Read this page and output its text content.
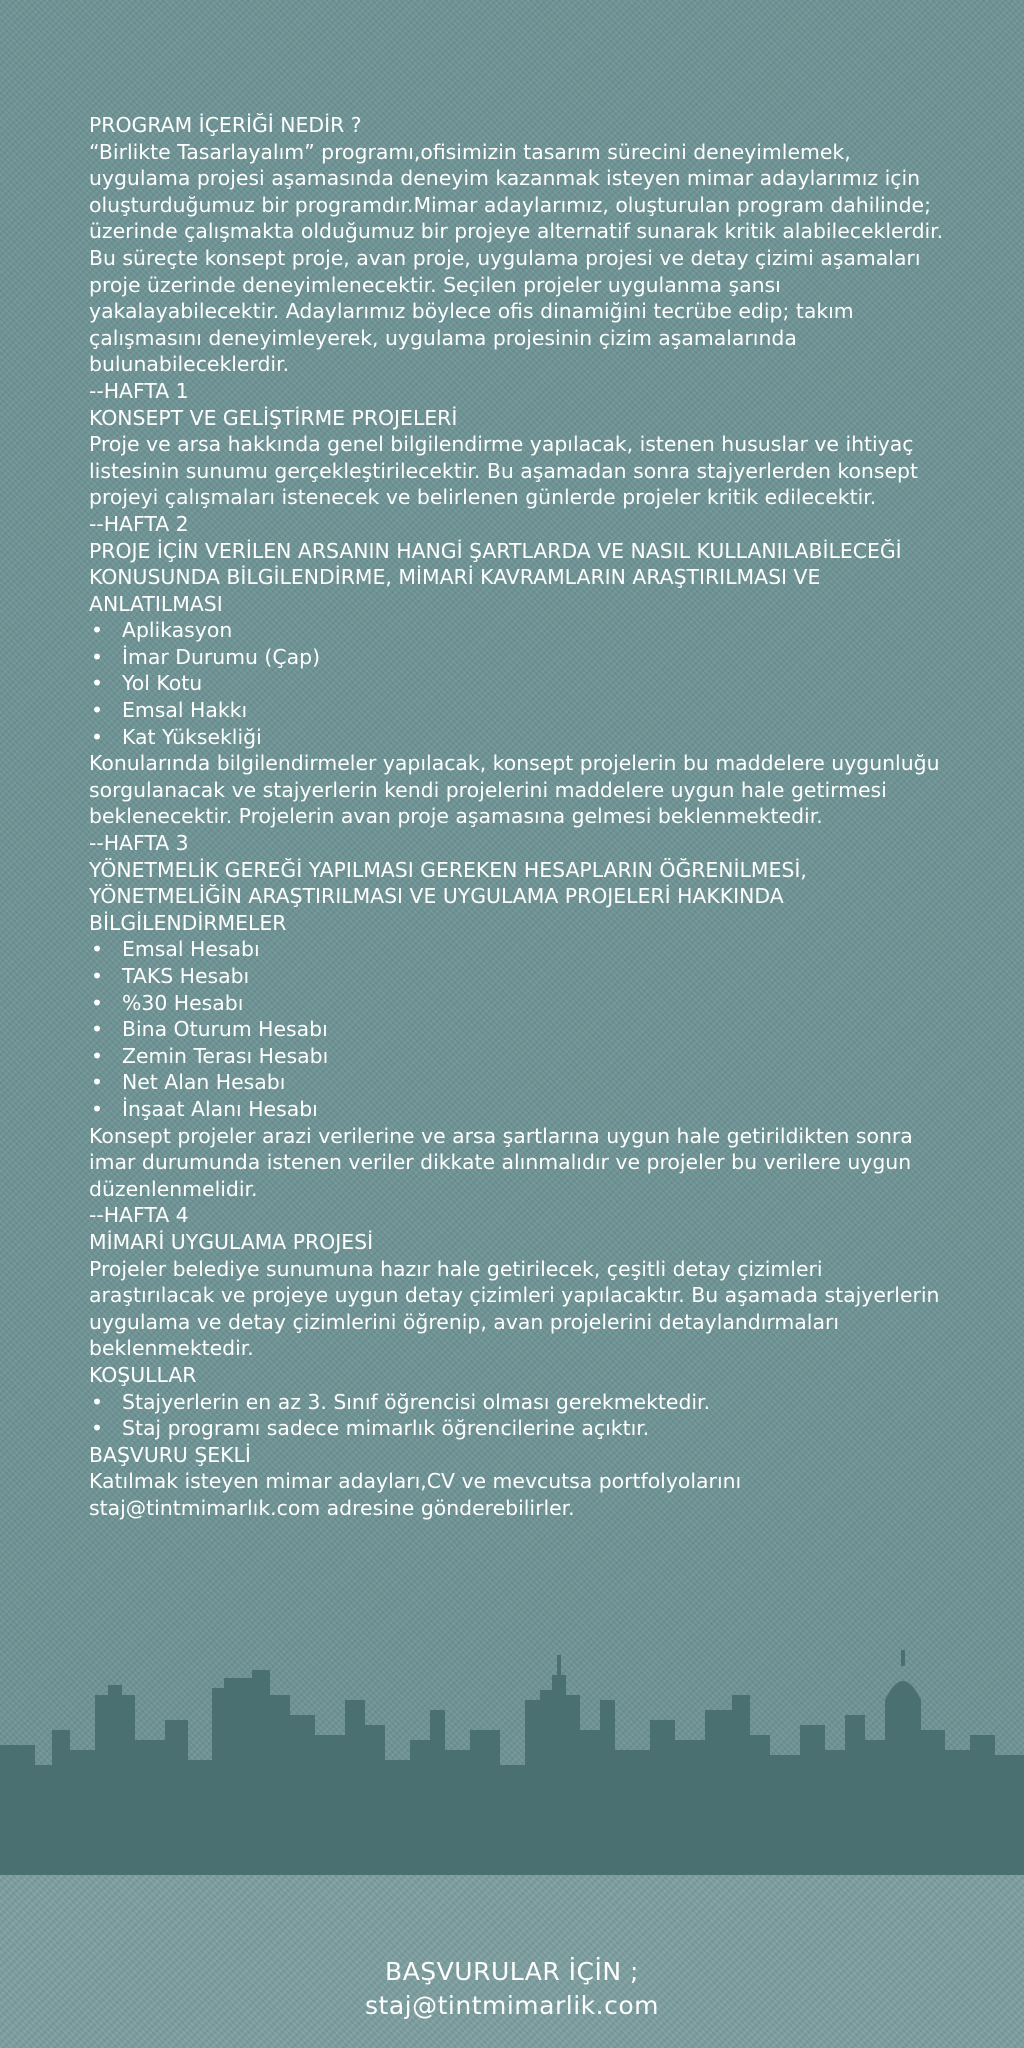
PROGRAM İÇERİĞİ NEDİR ?

“Birlikte Tasarlayalım” programı,ofisimizin tasarım sürecini deneyimlemek, uygulama projesi aşamasında deneyim kazanmak isteyen mimar adaylarımız için oluşturduğumuz bir programdır.Mimar adaylarımız, oluşturulan program dahilinde; üzerinde çalışmakta olduğumuz bir projeye alternatif sunarak kritik alabileceklerdir. Bu süreçte konsept proje, avan proje, uygulama projesi ve detay çizimi aşamaları proje üzerinde deneyimlenecektir. Seçilen projeler uygulanma şansı yakalayabilecektir. Adaylarımız böylece ofis dinamiğini tecrübe edip; takım çalışmasını deneyimleyerek, uygulama projesinin çizim aşamalarında bulunabileceklerdir.

--HAFTA 1

KONSEPT VE GELİŞTİRME PROJELERİ

Proje ve arsa hakkında genel bilgilendirme yapılacak, istenen hususlar ve ihtiyaç listesinin sunumu gerçekleştirilecektir. Bu aşamadan sonra stajyerlerden konsept projeyi çalışmaları istenecek ve belirlenen günlerde projeler kritik edilecektir.

--HAFTA 2

PROJE İÇİN VERİLEN ARSANIN HANGİ ŞARTLARDA VE NASIL KULLANILABİLECEĞİ KONUSUNDA BİLGİLENDİRME, MİMARİ KAVRAMLARIN ARAŞTIRILMASI VE ANLATILMASI

• Aplikasyon
• İmar Durumu (Çap)
• Yol Kotu
• Emsal Hakkı
• Kat Yüksekliği

Konularında bilgilendirmeler yapılacak, konsept projelerin bu maddelere uygunluğu sorgulanacak ve stajyerlerin kendi projelerini maddelere uygun hale getirmesi beklenecektir. Projelerin avan proje aşamasına gelmesi beklenmektedir.

--HAFTA 3

YÖNETMELİK GEREĞİ YAPILMASI GEREKEN HESAPLARIN ÖĞRENİLMESİ, YÖNETMELİĞİN ARAŞTIRILMASI VE UYGULAMA PROJELERİ HAKKINDA BİLGİLENDİRMELER

• Emsal Hesabı
• TAKS Hesabı
• %30 Hesabı
• Bina Oturum Hesabı
• Zemin Terası Hesabı
• Net Alan Hesabı
• İnşaat Alanı Hesabı

Konsept projeler arazi verilerine ve arsa şartlarına uygun hale getirildikten sonra imar durumunda istenen veriler dikkate alınmalıdır ve projeler bu verilere uygun düzenlenmelidir.

--HAFTA 4

MİMARİ UYGULAMA PROJESİ

Projeler belediye sunumuna hazır hale getirilecek, çeşitli detay çizimleri araştırılacak ve projeye uygun detay çizimleri yapılacaktır. Bu aşamada stajyerlerin uygulama ve detay çizimlerini öğrenip, avan projelerini detaylandırmaları beklenmektedir.

KOŞULLAR

• Stajyerlerin en az 3. Sınıf öğrencisi olması gerekmektedir.
• Staj programı sadece mimarlık öğrencilerine açıktır.

BAŞVURU ŞEKLİ

Katılmak isteyen mimar adayları,CV ve mevcutsa portfolyolarını staj@tintmimarlık.com adresine gönderebilirler.

BAŞVURULAR İÇİN ;

staj@tintmimarlik.com
